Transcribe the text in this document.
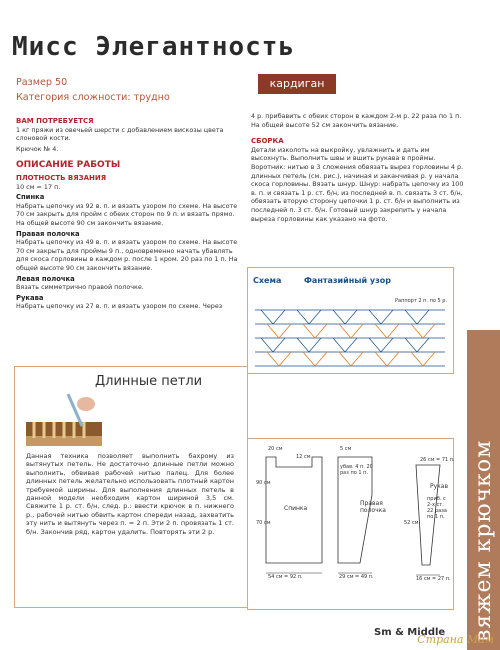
Мисс Элегантность
Размер 50
Категория сложности: трудно
кардиган
ВАМ ПОТРЕБУЕТСЯ

1 кг пряжи из овечьей шерсти с добавлением вискозы цвета слоновой кости.

Крючок № 4.

ОПИСАНИЕ РАБОТЫ
ПЛОТНОСТЬ ВЯЗАНИЯ

10 см = 17 п.

Спинка

Набрать цепочку из 92 в. п. и вязать узором по схеме. На высоте 70 см закрыть для пройм с обеих сторон по 9 п. и вязать прямо. На общей высоте 90 см закончить вязание.

Правая полочка

Набрать цепочку из 49 в. п. и вязать узором по схеме. На высоте 70 см закрыть для проймы 9 п., одновременно начать убавлять для скоса горловины в каждом р. после 1 кром. 20 раз по 1 п. На общей высоте 90 см закончить вязание.

Левая полочка

Вязать симметрично правой полочке.

Рукава

Набрать цепочку из 27 в. п. и вязать узором по схеме. Через

4 р. прибавить с обеих сторон в каждом 2-м р. 22 раза по 1 п. На общей высоте 52 см закончить вязание.

СБОРКА

Детали изколоть на выкройку, увлажнить и дать им высохнуть. Выполнить швы и вшить рукава в проймы. Воротник: нитью в 3 сложения обвязать вырез горловины 4 р. длинных петель (см. рис.), начиная и заканчивая р. у начала скоса горловины. Вязать шнур. Шнур: набрать цепочку из 100 в. п. и связать 1 р. ст. б/н, из последней в. п. связать 3 ст. б/н, обвязать вторую сторону цепочки 1 р. ст. б/н и выполнить из последней п. 3 ст. б/н. Готовый шнур закрепить у начала выреза горловины как указано на фото.

Длинные петли
Данная техника позволяет выполнить бахрому из вытянутых петель. Не достаточно длинные петли можно выполнить, обвивая рабочей нитью палец. Для более длинных петель желательно использовать плотный картон требуемой ширины. Для выполнения длинных петель в данной модели необходим картон шириной 3,5 см. Свяжите 1 р. ст. б/н, след. р.: ввести крючок в п. нижнего р., рабочей нитью обвить картон спереди назад, захватить эту нить и вытянуть через п. = 2 п. Эти 2 п. провязать 1 ст. б/н. Закончив ряд, картон удалить. Повторять эти 2 р.
Схема	Фантазийный узор
Раппорт 2 п. по 5 р.
20 см
90 см
12 см
70 см
Спинка
54 см = 92 п.
5 см
Правая полочка
убав. 4 п. 20 раз по 1 п.
29 см = 49 п.
26 см = 71 п.
Рукав
52 см
приб. с 2-х ст. 22 раза по 1 п.
16 см = 27 п. вяжем крючком
Sm & Middle
Страна Мам
